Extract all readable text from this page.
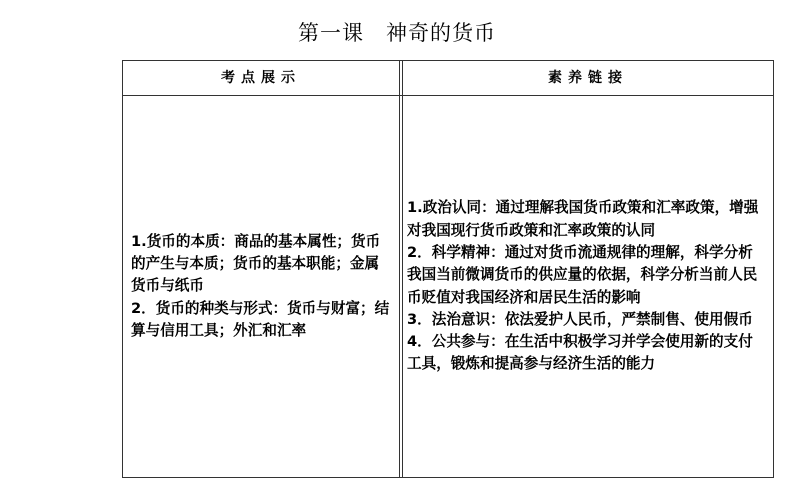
第一课　神奇的货币
考点展示	素养链接

1.货币的本质：商品的基本属性；货币的产生与本质；货币的基本职能；金属货币与纸币

2．货币的种类与形式：货币与财富；结算与信用工具；外汇和汇率

1.政治认同：通过理解我国货币政策和汇率政策，增强对我国现行货币政策和汇率政策的认同

2．科学精神：通过对货币流通规律的理解，科学分析我国当前微调货币的供应量的依据，科学分析当前人民币贬值对我国经济和居民生活的影响

3．法治意识：依法爱护人民币，严禁制售、使用假币

4．公共参与：在生活中积极学习并学会使用新的支付工具，锻炼和提高参与经济生活的能力
